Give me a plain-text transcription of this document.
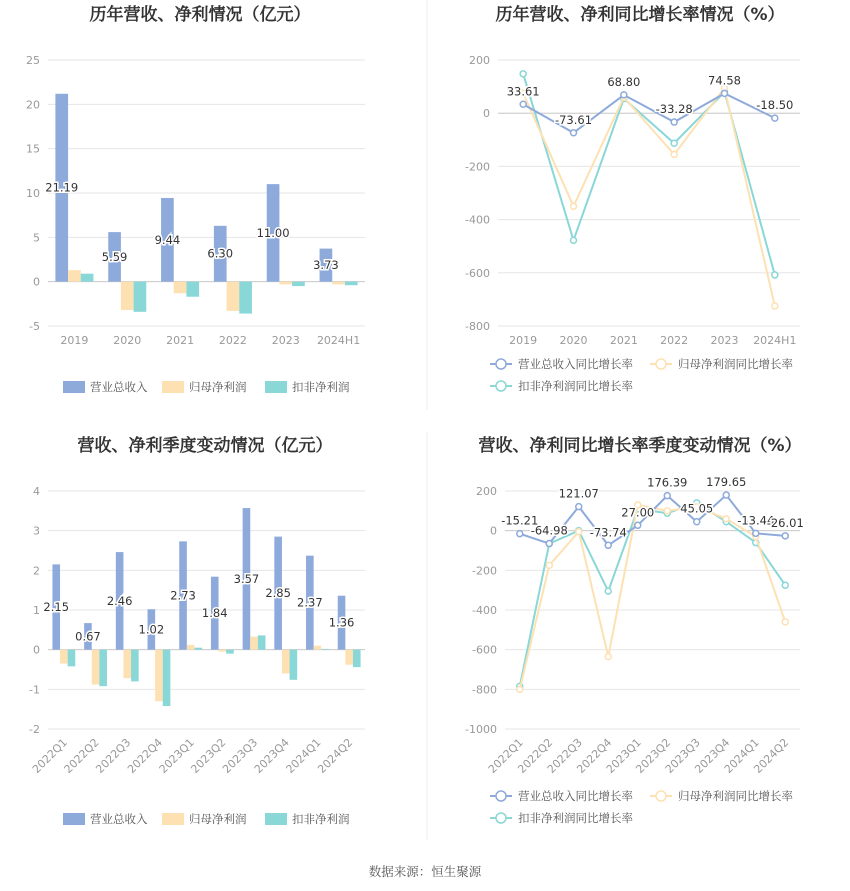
历年营收、净利情况（亿元）
-5
0
5
10
15
20
25
2019 2020 2021 2022 2023 2024H1
21.19
5.59
9.44
6.30
11.00
3.73
营业总收入	归母净利润	扣非净利润
历年营收、净利同比增长率情况（%）
-800
-600
-400
-200
0
200
2019 2020 2021 2022 2023 2024H1
33.61
-73.61
68.80
-33.28
74.58
-18.50
营业总收入同比增长率	归母净利润同比增长率
扣非净利润同比增长率
营收、净利季度变动情况（亿元）
-2
-1
0
1
2
3
4
2022Q1
2022Q2
2022Q3
2022Q4
2023Q1
2023Q2
2023Q3
2023Q4
2024Q1
2024Q2
2.15
0.67
2.46
1.02
2.73
1.84
3.57
2.85
2.37
1.36
营业总收入	归母净利润	扣非净利润
营收、净利同比增长率季度变动情况（%）
-1000
-800
-600
-400
-200
0
200
2022Q1
2022Q2
2022Q3
2022Q4
2023Q1
2023Q2
2023Q3
2023Q4
2024Q1
2024Q2
-15.21
-64.98
121.07
-73.74
27.00
176.39
45.05
179.65
-13.44
-26.01
营业总收入同比增长率	归母净利润同比增长率
扣非净利润同比增长率
数据来源：恒生聚源
